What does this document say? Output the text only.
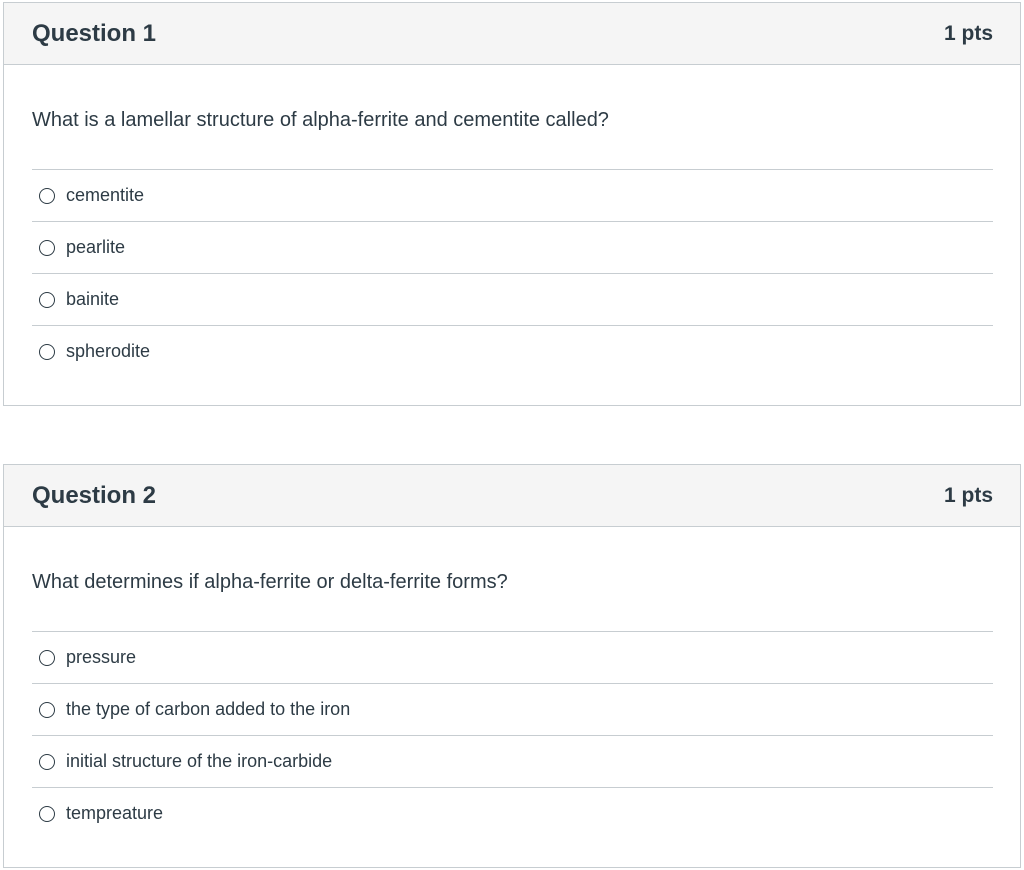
Question 1	1 pts

What is a lamellar structure of alpha-ferrite and cementite called?

cementite
pearlite
bainite
spherodite
Question 2	1 pts

What determines if alpha-ferrite or delta-ferrite forms?

pressure
the type of carbon added to the iron
initial structure of the iron-carbide
tempreature
